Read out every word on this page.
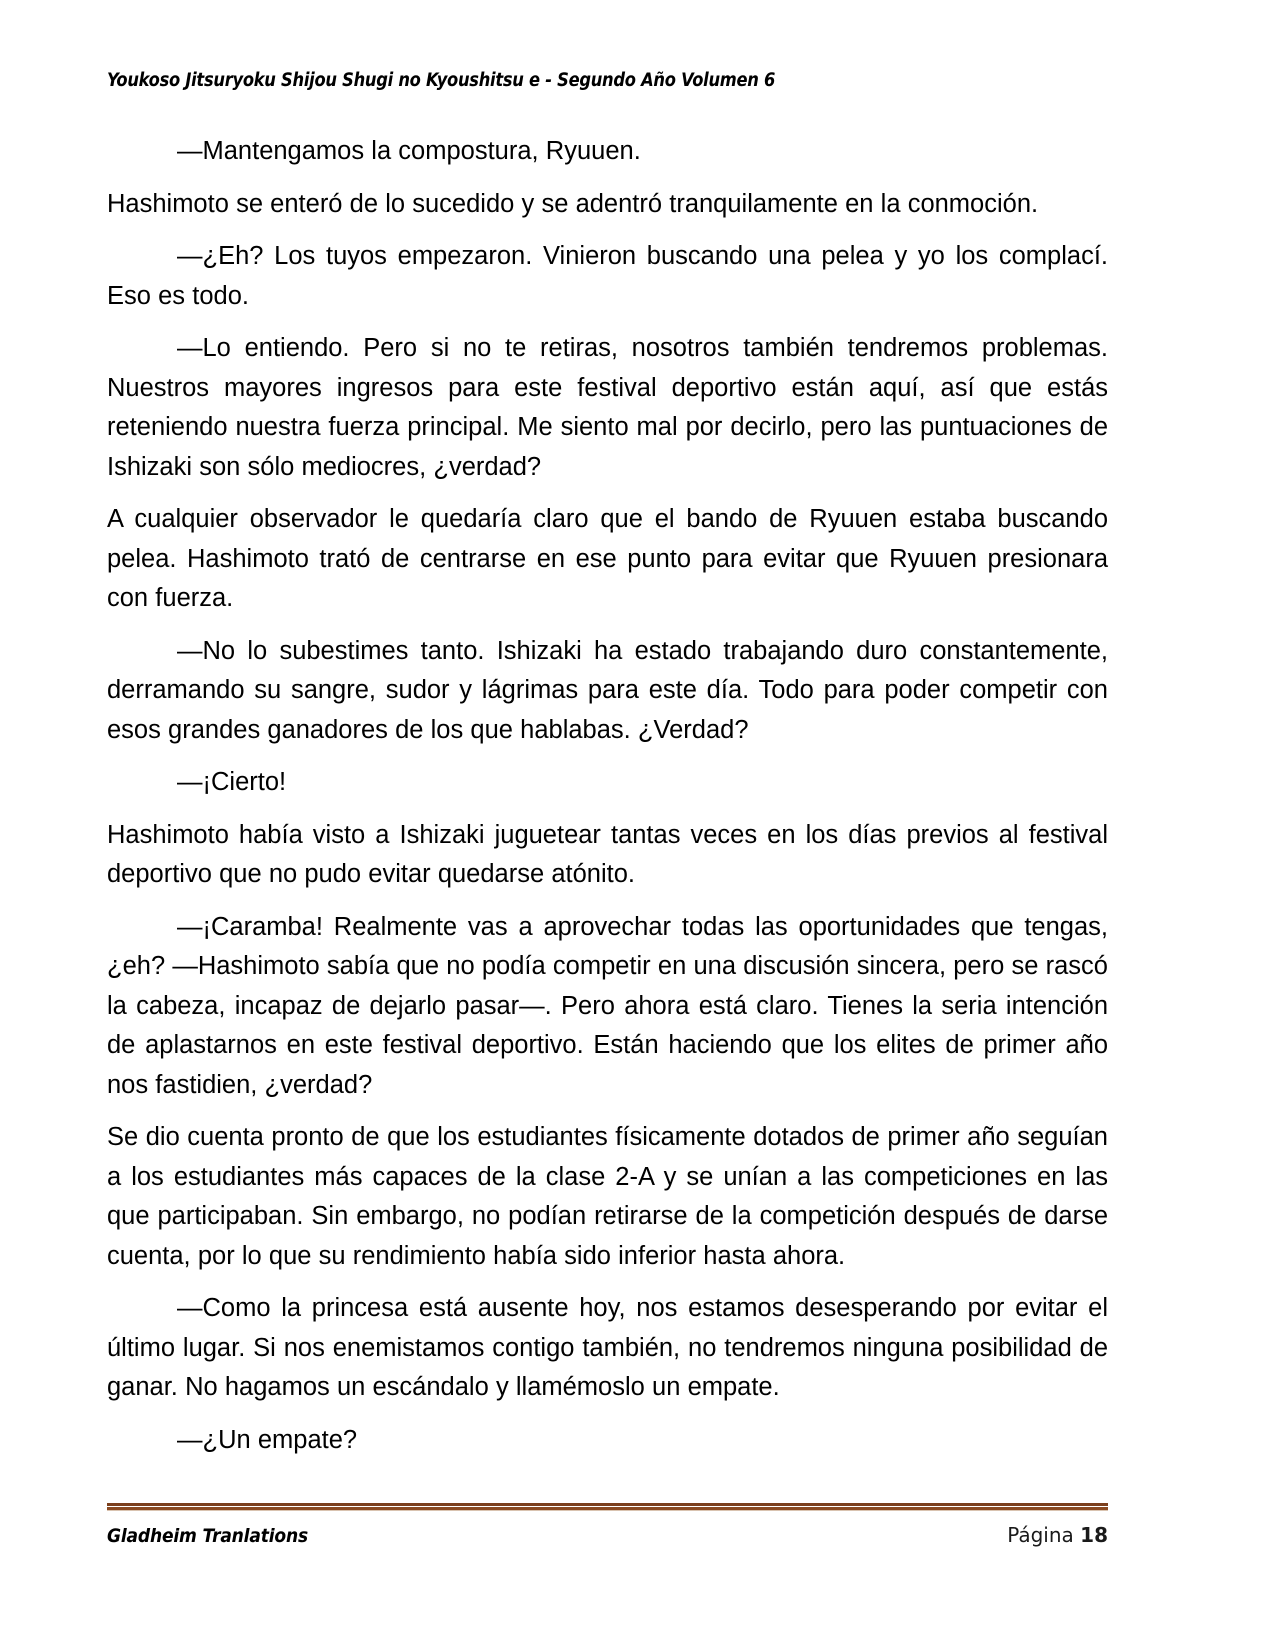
Youkoso Jitsuryoku Shijou Shugi no Kyoushitsu e - Segundo Año Volumen 6

—Mantengamos la compostura, Ryuuen.

Hashimoto se enteró de lo sucedido y se adentró tranquilamente en la conmoción.

—¿Eh? Los tuyos empezaron. Vinieron buscando una pelea y yo los complací. Eso es todo.

—Lo entiendo. Pero si no te retiras, nosotros también tendremos problemas. Nuestros mayores ingresos para este festival deportivo están aquí, así que estás reteniendo nuestra fuerza principal. Me siento mal por decirlo, pero las puntuaciones de Ishizaki son sólo mediocres, ¿verdad?

A cualquier observador le quedaría claro que el bando de Ryuuen estaba buscando pelea. Hashimoto trató de centrarse en ese punto para evitar que Ryuuen presionara con fuerza.

—No lo subestimes tanto. Ishizaki ha estado trabajando duro constantemente, derramando su sangre, sudor y lágrimas para este día. Todo para poder competir con esos grandes ganadores de los que hablabas. ¿Verdad?

—¡Cierto!

Hashimoto había visto a Ishizaki juguetear tantas veces en los días previos al festival deportivo que no pudo evitar quedarse atónito.

—¡Caramba! Realmente vas a aprovechar todas las oportunidades que tengas, ¿eh? —Hashimoto sabía que no podía competir en una discusión sincera, pero se rascó la cabeza, incapaz de dejarlo pasar—. Pero ahora está claro. Tienes la seria intención de aplastarnos en este festival deportivo. Están haciendo que los elites de primer año nos fastidien, ¿verdad?

Se dio cuenta pronto de que los estudiantes físicamente dotados de primer año seguían a los estudiantes más capaces de la clase 2-A y se unían a las competiciones en las que participaban. Sin embargo, no podían retirarse de la competición después de darse cuenta, por lo que su rendimiento había sido inferior hasta ahora.

—Como la princesa está ausente hoy, nos estamos desesperando por evitar el último lugar. Si nos enemistamos contigo también, no tendremos ninguna posibilidad de ganar. No hagamos un escándalo y llamémoslo un empate.

—¿Un empate?

Gladheim Tranlations	Página 18
